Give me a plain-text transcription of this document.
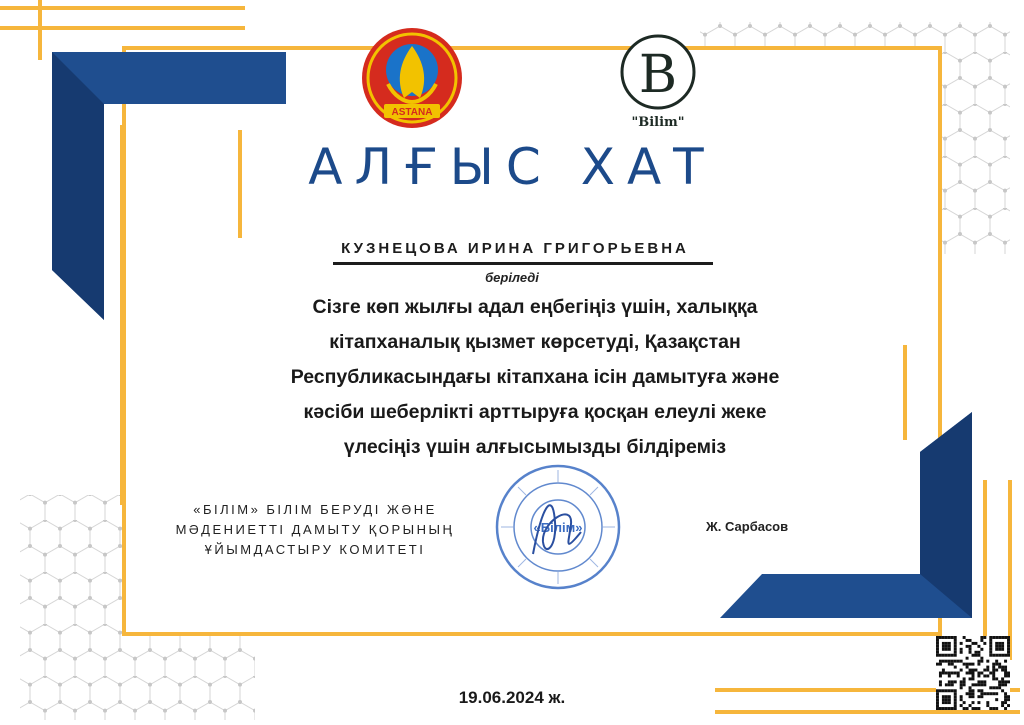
ASTANA
B
"Bilim"
АЛҒЫС ХАТ
КУЗНЕЦОВА ИРИНА ГРИГОРЬЕВНА
беріледі
Сізге көп жылғы адал еңбегіңіз үшін, халыққа
кітапханалық қызмет көрсетуді, Қазақстан
Республикасындағы кітапхана ісін дамытуға және
кәсіби шеберлікті арттыруға қосқан елеулі жеке
үлесіңіз үшін алғысымызды білдіреміз
«БІЛІМ» БІЛІМ БЕРУДІ ЖӘНЕ
МӘДЕНИЕТТІ ДАМЫТУ ҚОРЫНЫҢ
ҰЙЫМДАСТЫРУ КОМИТЕТІ
«Білім»	Ж. Сарбасов
19.06.2024 ж.
